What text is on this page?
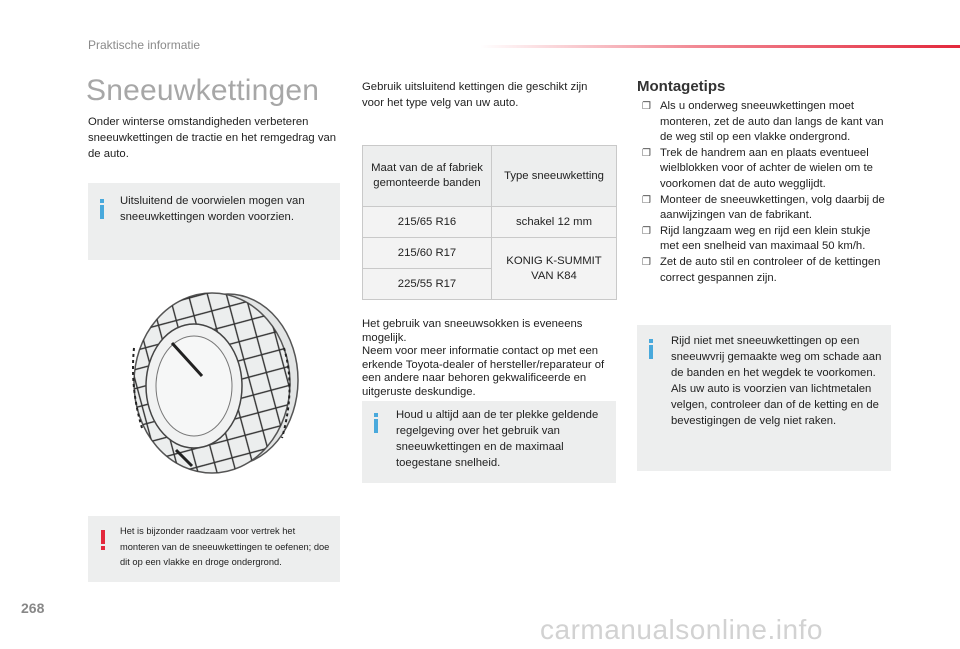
Praktische informatie
Sneeuwkettingen
Onder winterse omstandigheden verbeteren sneeuwkettingen de tractie en het remgedrag van de auto.
Uitsluitend de voorwielen mogen van sneeuwkettingen worden voorzien.
Het is bijzonder raadzaam voor vertrek het monteren van de sneeuwkettingen te oefenen; doe dit op een vlakke en droge ondergrond.
Gebruik uitsluitend kettingen die geschikt zijn voor het type velg van uw auto.
Maat van de af fabriek gemonteerde banden	Type sneeuwketting
215/65 R16	schakel 12 mm
215/60 R17	KONIG K-SUMMIT VAN K84
225/55 R17	
Het gebruik van sneeuwsokken is eveneens mogelijk.
Neem voor meer informatie contact op met een erkende Toyota-dealer of hersteller/reparateur of een andere naar behoren gekwalificeerde en uitgeruste deskundige.
Houd u altijd aan de ter plekke geldende regelgeving over het gebruik van sneeuwkettingen en de maximaal toegestane snelheid.
Montagetips
❐ Als u onderweg sneeuwkettingen moet monteren, zet de auto dan langs de kant van de weg stil op een vlakke ondergrond.
❐ Trek de handrem aan en plaats eventueel wielblokken voor of achter de wielen om te voorkomen dat de auto wegglijdt.
❐ Monteer de sneeuwkettingen, volg daarbij de aanwijzingen van de fabrikant.
❐ Rijd langzaam weg en rijd een klein stukje met een snelheid van maximaal 50 km/h.
❐ Zet de auto stil en controleer of de kettingen correct gespannen zijn.
Rijd niet met sneeuwkettingen op een sneeuwvrij gemaakte weg om schade aan de banden en het wegdek te voorkomen. Als uw auto is voorzien van lichtmetalen velgen, controleer dan of de ketting en de bevestigingen de velg niet raken.
268
carmanualsonline.info
